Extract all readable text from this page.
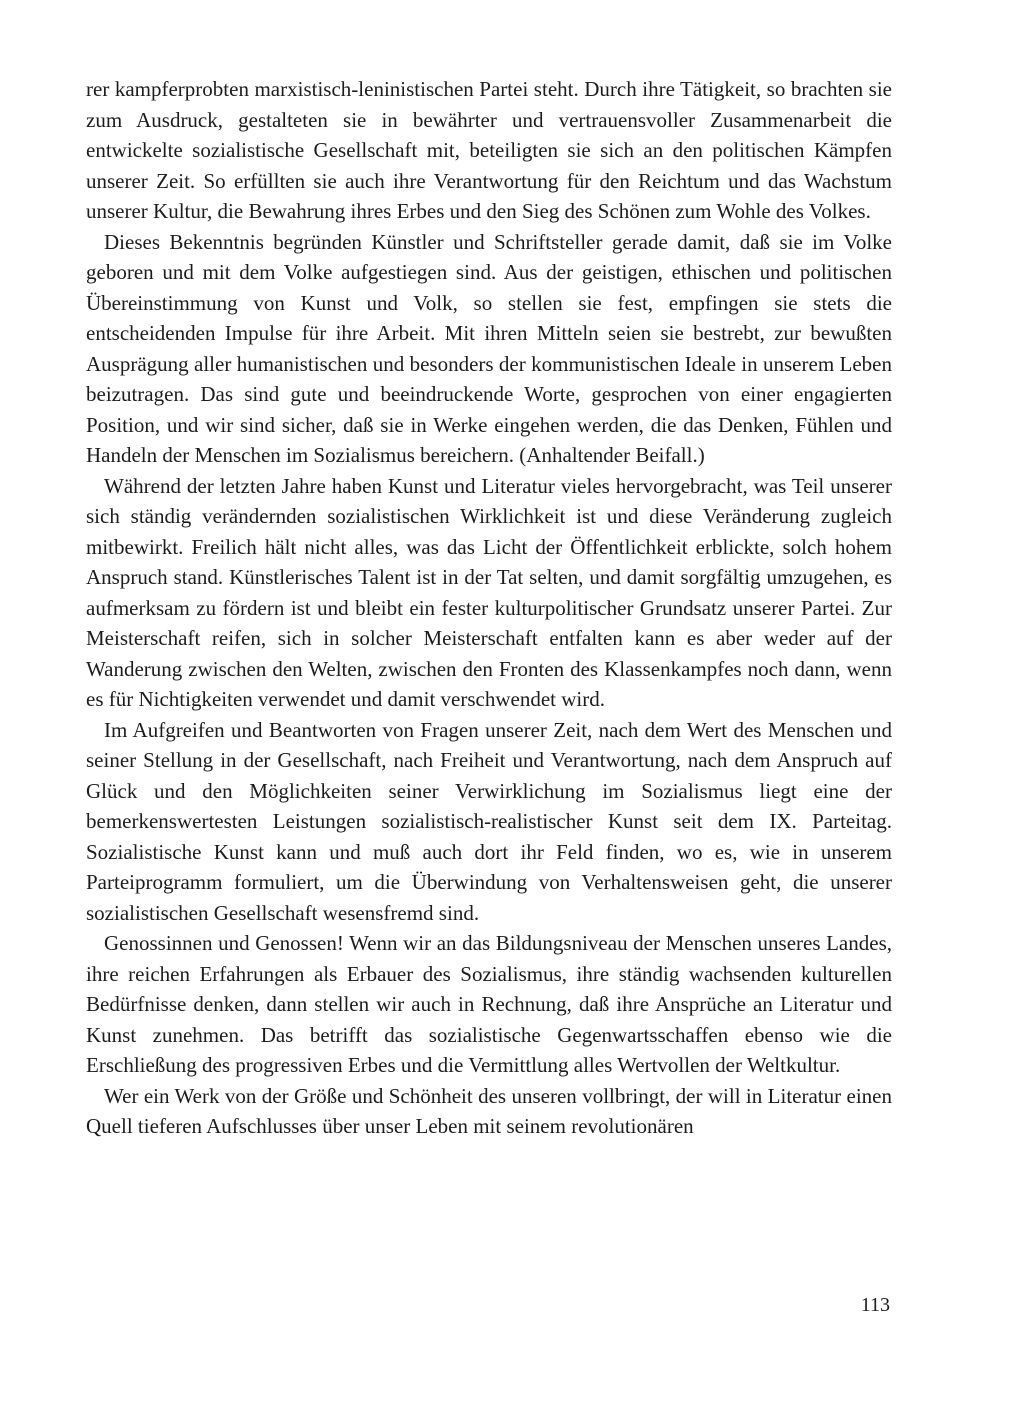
rer kampferprobten marxistisch-leninistischen Partei steht. Durch ihre Tätigkeit, so brachten sie zum Ausdruck, gestalteten sie in bewährter und vertrauensvoller Zusammenarbeit die entwickelte sozialistische Gesellschaft mit, beteiligten sie sich an den politischen Kämpfen unserer Zeit. So erfüllten sie auch ihre Verantwortung für den Reichtum und das Wachstum unserer Kultur, die Bewahrung ihres Erbes und den Sieg des Schönen zum Wohle des Volkes.

Dieses Bekenntnis begründen Künstler und Schriftsteller gerade damit, daß sie im Volke geboren und mit dem Volke aufgestiegen sind. Aus der geistigen, ethischen und politischen Übereinstimmung von Kunst und Volk, so stellen sie fest, empfingen sie stets die entscheidenden Impulse für ihre Arbeit. Mit ihren Mitteln seien sie bestrebt, zur bewußten Ausprägung aller humanistischen und besonders der kommunistischen Ideale in unserem Leben beizutragen. Das sind gute und beeindruckende Worte, gesprochen von einer engagierten Position, und wir sind sicher, daß sie in Werke eingehen werden, die das Denken, Fühlen und Handeln der Menschen im Sozialismus bereichern. (Anhaltender Beifall.)

Während der letzten Jahre haben Kunst und Literatur vieles hervorgebracht, was Teil unserer sich ständig verändernden sozialistischen Wirklichkeit ist und diese Veränderung zugleich mitbewirkt. Freilich hält nicht alles, was das Licht der Öffentlichkeit erblickte, solch hohem Anspruch stand. Künstlerisches Talent ist in der Tat selten, und damit sorgfältig umzugehen, es aufmerksam zu fördern ist und bleibt ein fester kulturpolitischer Grundsatz unserer Partei. Zur Meisterschaft reifen, sich in solcher Meisterschaft entfalten kann es aber weder auf der Wanderung zwischen den Welten, zwischen den Fronten des Klassenkampfes noch dann, wenn es für Nichtigkeiten verwendet und damit verschwendet wird.

Im Aufgreifen und Beantworten von Fragen unserer Zeit, nach dem Wert des Menschen und seiner Stellung in der Gesellschaft, nach Freiheit und Verantwortung, nach dem Anspruch auf Glück und den Möglichkeiten seiner Verwirklichung im Sozialismus liegt eine der bemerkenswertesten Leistungen sozialistisch-realistischer Kunst seit dem IX. Parteitag. Sozialistische Kunst kann und muß auch dort ihr Feld finden, wo es, wie in unserem Parteiprogramm formuliert, um die Überwindung von Verhaltensweisen geht, die unserer sozialistischen Gesellschaft wesensfremd sind.

Genossinnen und Genossen! Wenn wir an das Bildungsniveau der Menschen unseres Landes, ihre reichen Erfahrungen als Erbauer des Sozialismus, ihre ständig wachsenden kulturellen Bedürfnisse denken, dann stellen wir auch in Rechnung, daß ihre Ansprüche an Literatur und Kunst zunehmen. Das betrifft das sozialistische Gegenwartsschaffen ebenso wie die Erschließung des progressiven Erbes und die Vermittlung alles Wertvollen der Weltkultur.

Wer ein Werk von der Größe und Schönheit des unseren vollbringt, der will in Literatur einen Quell tieferen Aufschlusses über unser Leben mit seinem revolutionären

113
